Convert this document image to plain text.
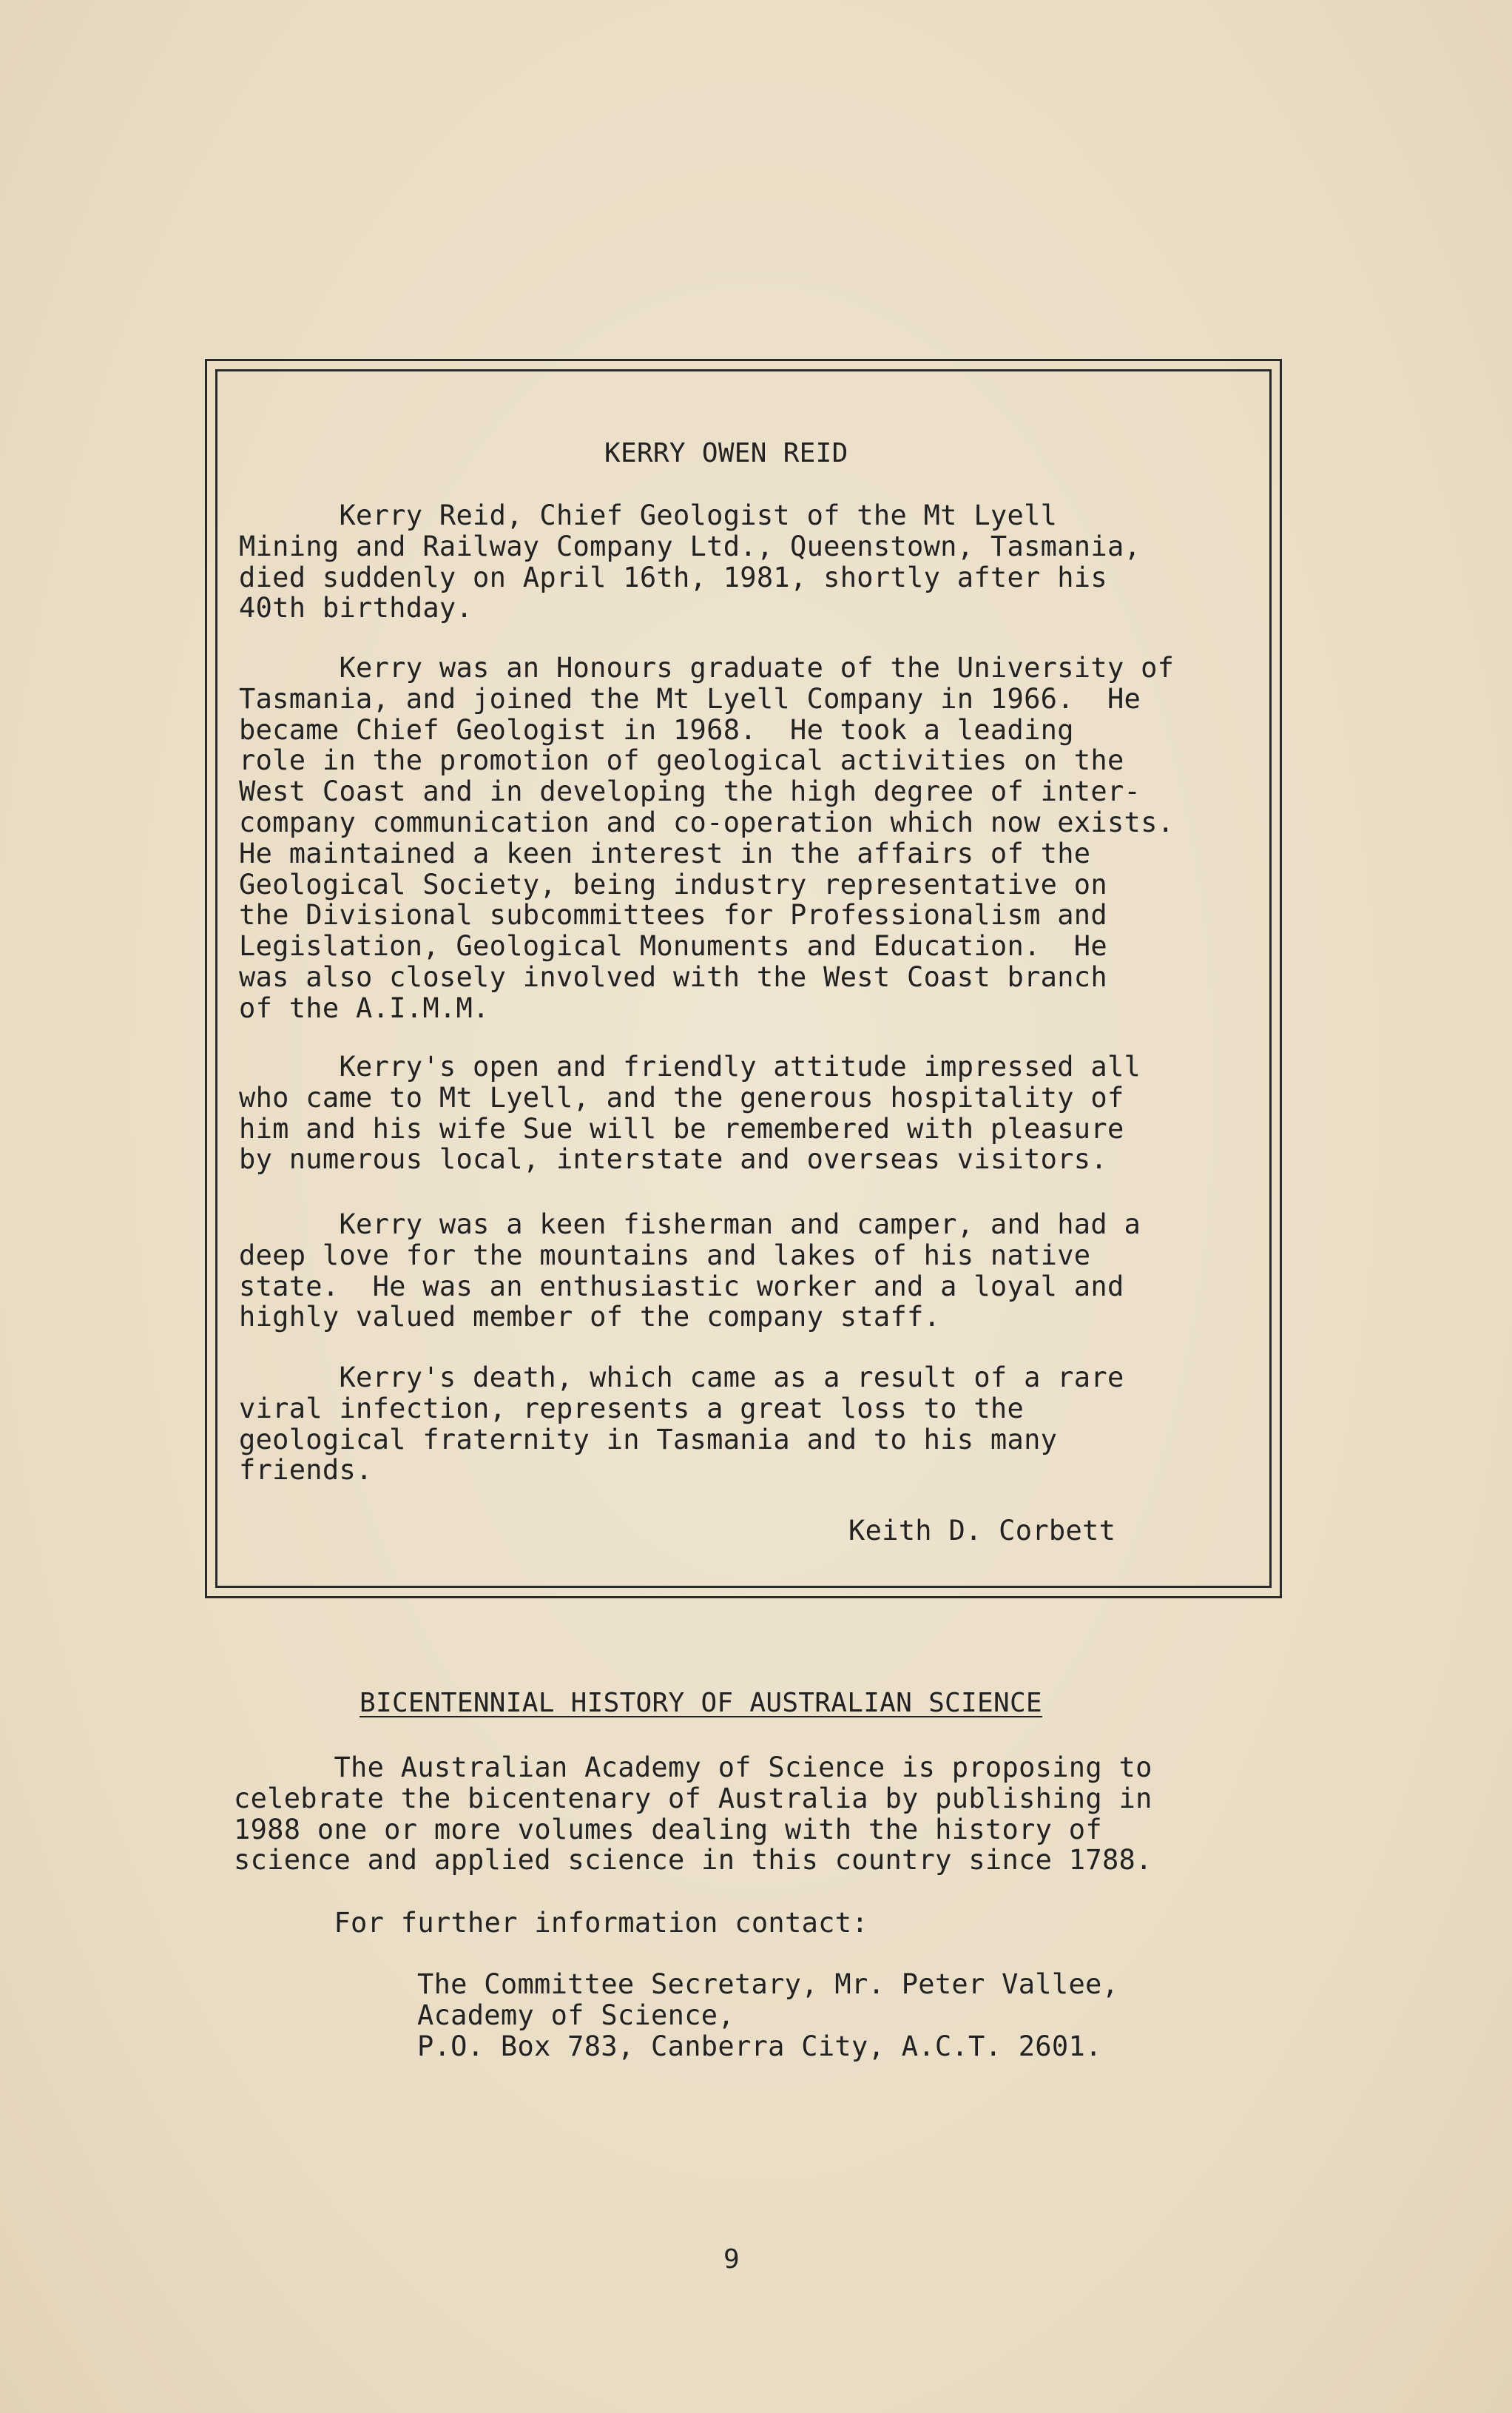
KERRY OWEN REID
Kerry Reid, Chief Geologist of the Mt Lyell
Mining and Railway Company Ltd., Queenstown, Tasmania,
died suddenly on April 16th, 1981, shortly after his
40th birthday.
Kerry was an Honours graduate of the University of
Tasmania, and joined the Mt Lyell Company in 1966.  He
became Chief Geologist in 1968.  He took a leading
role in the promotion of geological activities on the
West Coast and in developing the high degree of inter-
company communication and co-operation which now exists.
He maintained a keen interest in the affairs of the
Geological Society, being industry representative on
the Divisional subcommittees for Professionalism and
Legislation, Geological Monuments and Education.  He
was also closely involved with the West Coast branch
of the A.I.M.M.
Kerry's open and friendly attitude impressed all
who came to Mt Lyell, and the generous hospitality of
him and his wife Sue will be remembered with pleasure
by numerous local, interstate and overseas visitors.
Kerry was a keen fisherman and camper, and had a
deep love for the mountains and lakes of his native
state.  He was an enthusiastic worker and a loyal and
highly valued member of the company staff.
Kerry's death, which came as a result of a rare
viral infection, represents a great loss to the
geological fraternity in Tasmania and to his many
friends.
Keith D. Corbett
BICENTENNIAL HISTORY OF AUSTRALIAN SCIENCE
The Australian Academy of Science is proposing to
celebrate the bicentenary of Australia by publishing in
1988 one or more volumes dealing with the history of
science and applied science in this country since 1788.
For further information contact:
The Committee Secretary, Mr. Peter Vallee,
Academy of Science,
P.O. Box 783, Canberra City, A.C.T. 2601.
9
